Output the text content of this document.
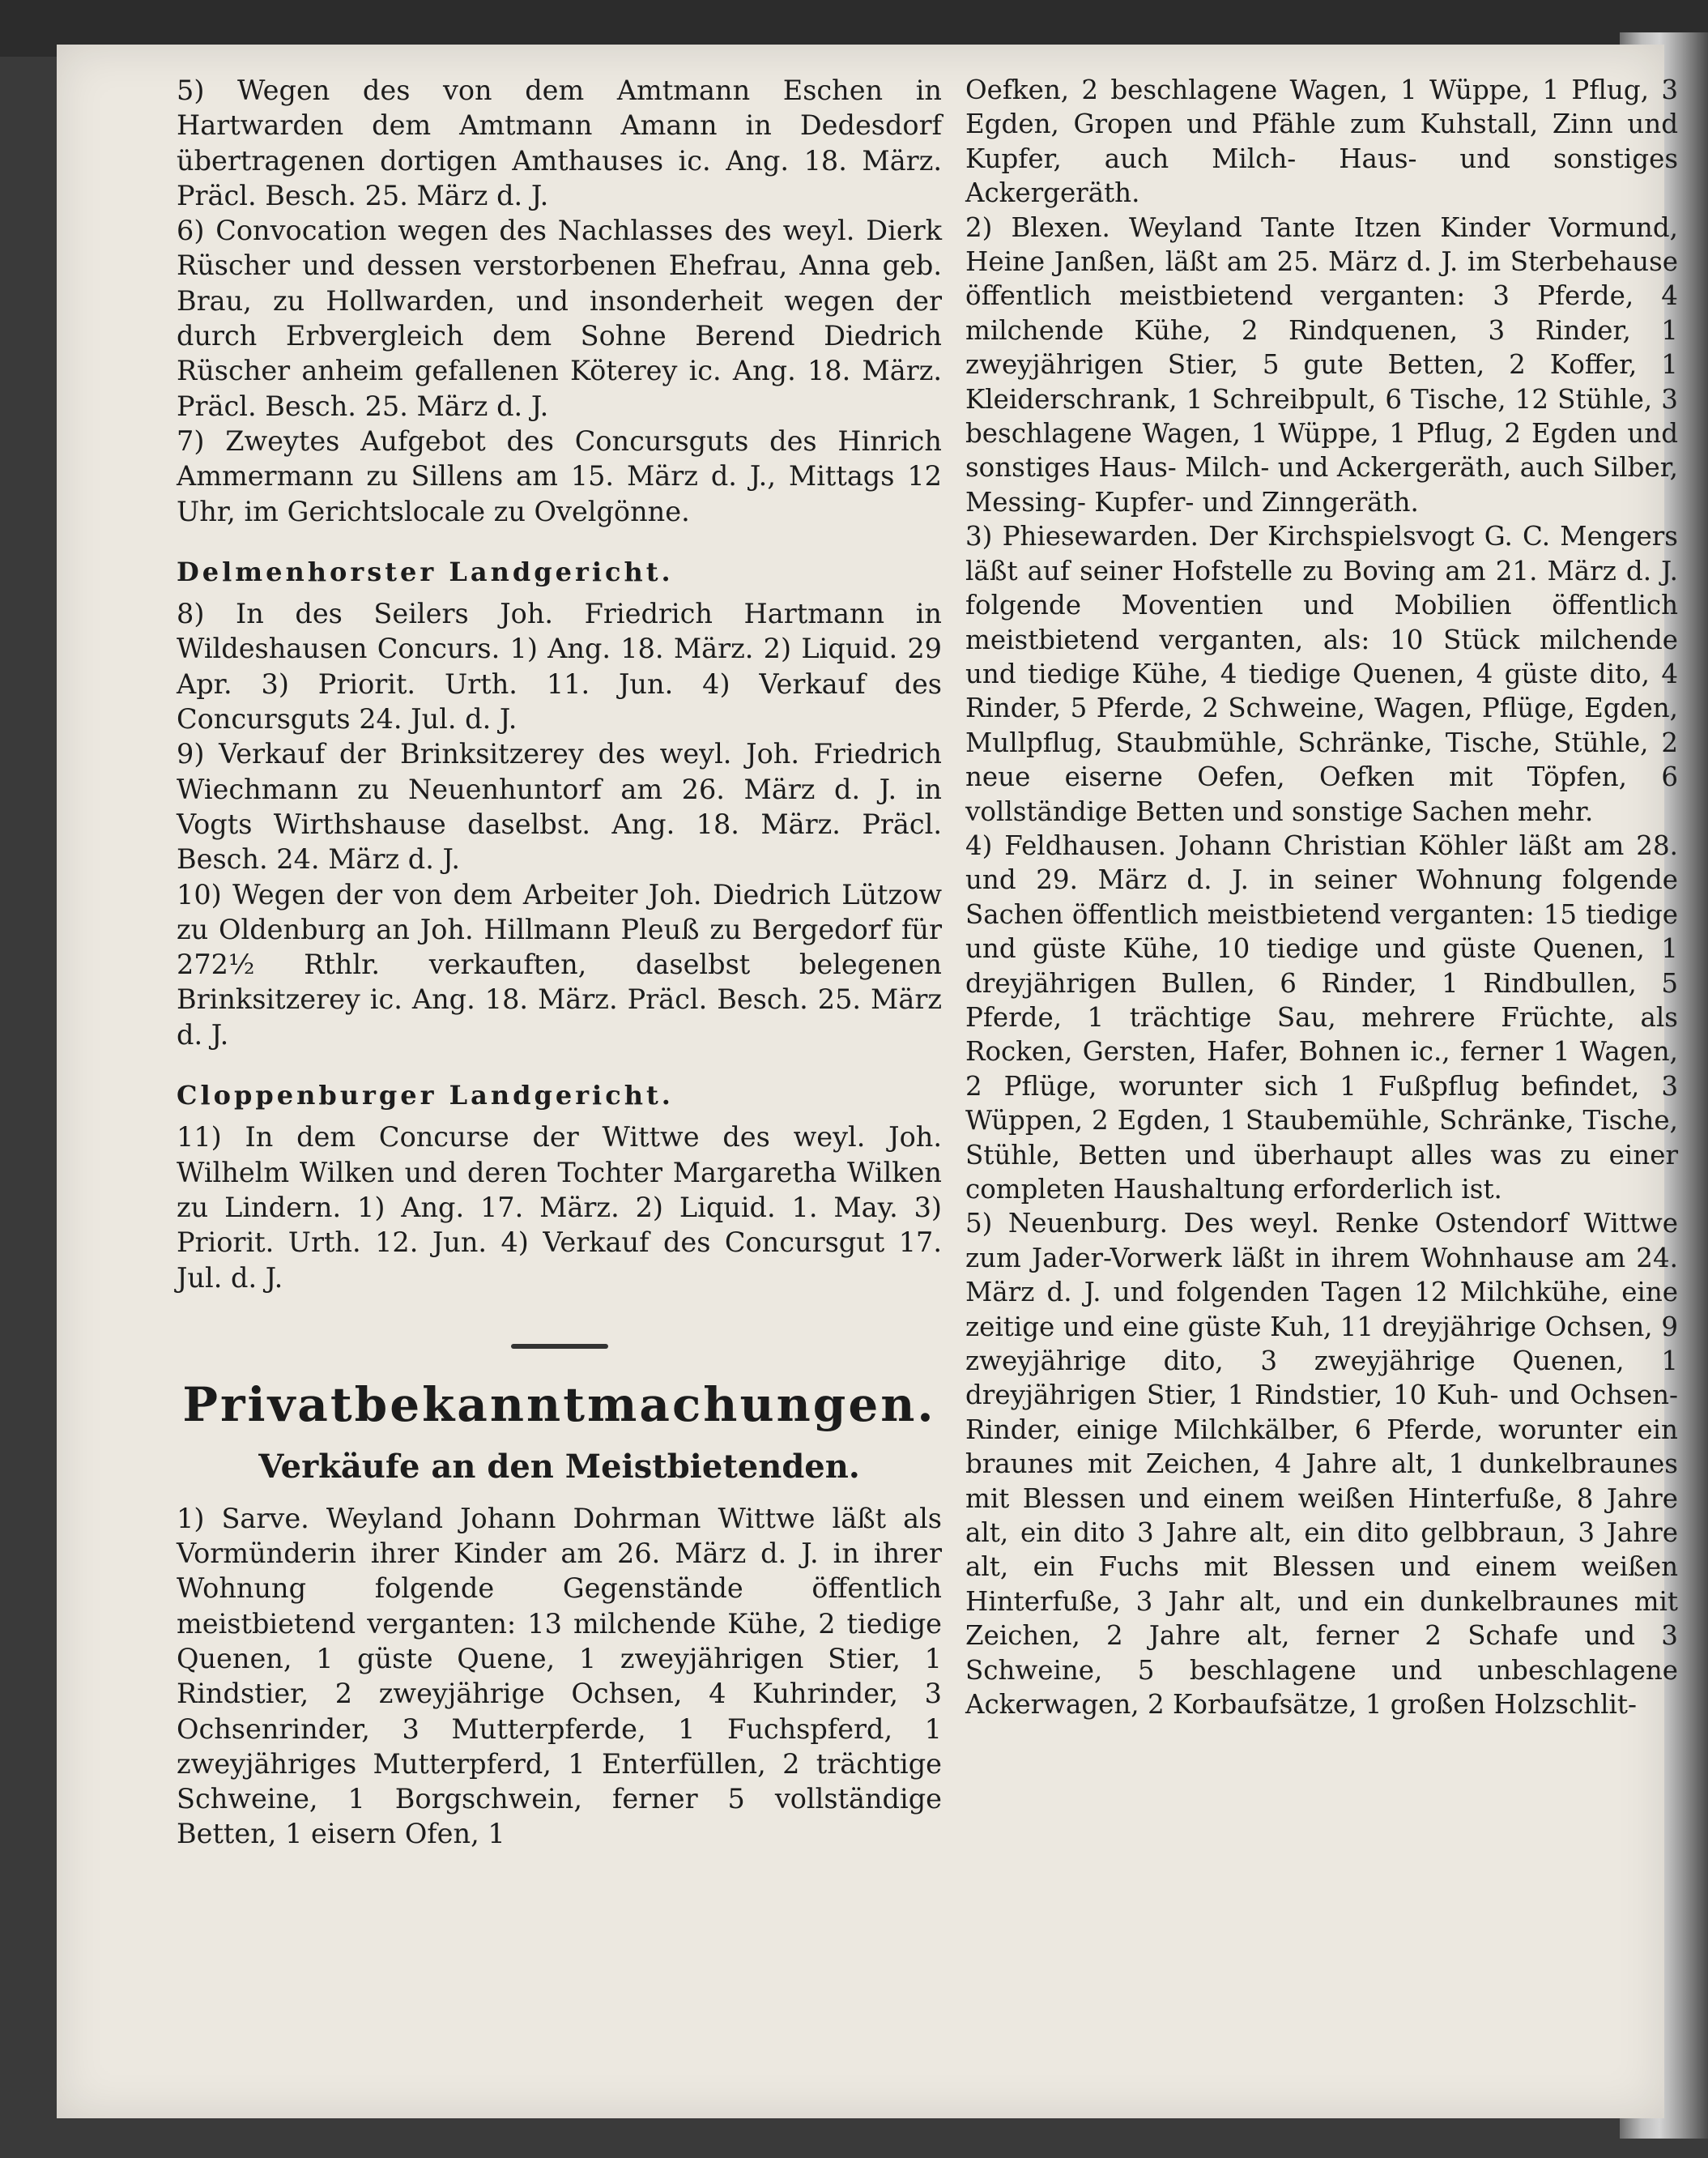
5) Wegen des von dem Amtmann Eschen in Hartwarden dem Amtmann Amann in Dedesdorf übertragenen dortigen Amthauses ic. Ang. 18. März. Präcl. Besch. 25. März d. J.

6) Convocation wegen des Nachlasses des weyl. Dierk Rüscher und dessen verstorbenen Ehefrau, Anna geb. Brau, zu Hollwarden, und insonderheit wegen der durch Erbvergleich dem Sohne Berend Diedrich Rüscher anheim gefallenen Köterey ic. Ang. 18. März. Präcl. Besch. 25. März d. J.

7) Zweytes Aufgebot des Concursguts des Hinrich Ammermann zu Sillens am 15. März d. J., Mittags 12 Uhr, im Gerichtslocale zu Ovelgönne.

Delmenhorster Landgericht.

8) In des Seilers Joh. Friedrich Hartmann in Wildeshausen Concurs. 1) Ang. 18. März. 2) Liquid. 29 Apr. 3) Priorit. Urth. 11. Jun. 4) Verkauf des Concursguts 24. Jul. d. J.

9) Verkauf der Brinksitzerey des weyl. Joh. Friedrich Wiechmann zu Neuenhuntorf am 26. März d. J. in Vogts Wirthshause daselbst. Ang. 18. März. Präcl. Besch. 24. März d. J.

10) Wegen der von dem Arbeiter Joh. Diedrich Lützow zu Oldenburg an Joh. Hillmann Pleuß zu Bergedorf für 272½ Rthlr. verkauften, daselbst belegenen Brinksitzerey ic. Ang. 18. März. Präcl. Besch. 25. März d. J.

Cloppenburger Landgericht.

11) In dem Concurse der Wittwe des weyl. Joh. Wilhelm Wilken und deren Tochter Margaretha Wilken zu Lindern. 1) Ang. 17. März. 2) Liquid. 1. May. 3) Priorit. Urth. 12. Jun. 4) Verkauf des Concursgut 17. Jul. d. J.

Privatbekanntmachungen.
Verkäufe an den Meistbietenden.

1) Sarve. Weyland Johann Dohrman Wittwe läßt als Vormünderin ihrer Kinder am 26. März d. J. in ihrer Wohnung folgende Gegenstände öffentlich meistbietend verganten: 13 milchende Kühe, 2 tiedige Quenen, 1 güste Quene, 1 zweyjährigen Stier, 1 Rindstier, 2 zweyjährige Ochsen, 4 Kuhrinder, 3 Ochsenrinder, 3 Mutterpferde, 1 Fuchspferd, 1 zweyjähriges Mutterpferd, 1 Enterfüllen, 2 trächtige Schweine, 1 Borgschwein, ferner 5 vollständige Betten, 1 eisern Ofen, 1

Oefken, 2 beschlagene Wagen, 1 Wüppe, 1 Pflug, 3 Egden, Gropen und Pfähle zum Kuhstall, Zinn und Kupfer, auch Milch- Haus- und sonstiges Ackergeräth.

2) Blexen. Weyland Tante Itzen Kinder Vormund, Heine Janßen, läßt am 25. März d. J. im Sterbehause öffentlich meistbietend verganten: 3 Pferde, 4 milchende Kühe, 2 Rindquenen, 3 Rinder, 1 zweyjährigen Stier, 5 gute Betten, 2 Koffer, 1 Kleiderschrank, 1 Schreibpult, 6 Tische, 12 Stühle, 3 beschlagene Wagen, 1 Wüppe, 1 Pflug, 2 Egden und sonstiges Haus- Milch- und Ackergeräth, auch Silber, Messing- Kupfer- und Zinngeräth.

3) Phiesewarden. Der Kirchspielsvogt G. C. Mengers läßt auf seiner Hofstelle zu Boving am 21. März d. J. folgende Moventien und Mobilien öffentlich meistbietend verganten, als: 10 Stück milchende und tiedige Kühe, 4 tiedige Quenen, 4 güste dito, 4 Rinder, 5 Pferde, 2 Schweine, Wagen, Pflüge, Egden, Mullpflug, Staubmühle, Schränke, Tische, Stühle, 2 neue eiserne Oefen, Oefken mit Töpfen, 6 vollständige Betten und sonstige Sachen mehr.

4) Feldhausen. Johann Christian Köhler läßt am 28. und 29. März d. J. in seiner Wohnung folgende Sachen öffentlich meistbietend verganten: 15 tiedige und güste Kühe, 10 tiedige und güste Quenen, 1 dreyjährigen Bullen, 6 Rinder, 1 Rindbullen, 5 Pferde, 1 trächtige Sau, mehrere Früchte, als Rocken, Gersten, Hafer, Bohnen ic., ferner 1 Wagen, 2 Pflüge, worunter sich 1 Fußpflug befindet, 3 Wüppen, 2 Egden, 1 Staubemühle, Schränke, Tische, Stühle, Betten und überhaupt alles was zu einer completen Haushaltung erforderlich ist.

5) Neuenburg. Des weyl. Renke Ostendorf Wittwe zum Jader-Vorwerk läßt in ihrem Wohnhause am 24. März d. J. und folgenden Tagen 12 Milchkühe, eine zeitige und eine güste Kuh, 11 dreyjährige Ochsen, 9 zweyjährige dito, 3 zweyjährige Quenen, 1 dreyjährigen Stier, 1 Rindstier, 10 Kuh- und Ochsen-Rinder, einige Milchkälber, 6 Pferde, worunter ein braunes mit Zeichen, 4 Jahre alt, 1 dunkelbraunes mit Blessen und einem weißen Hinterfuße, 8 Jahre alt, ein dito 3 Jahre alt, ein dito gelbbraun, 3 Jahre alt, ein Fuchs mit Blessen und einem weißen Hinterfuße, 3 Jahr alt, und ein dunkelbraunes mit Zeichen, 2 Jahre alt, ferner 2 Schafe und 3 Schweine, 5 beschlagene und unbeschlagene Ackerwagen, 2 Korbaufsätze, 1 großen Holzschlit-
